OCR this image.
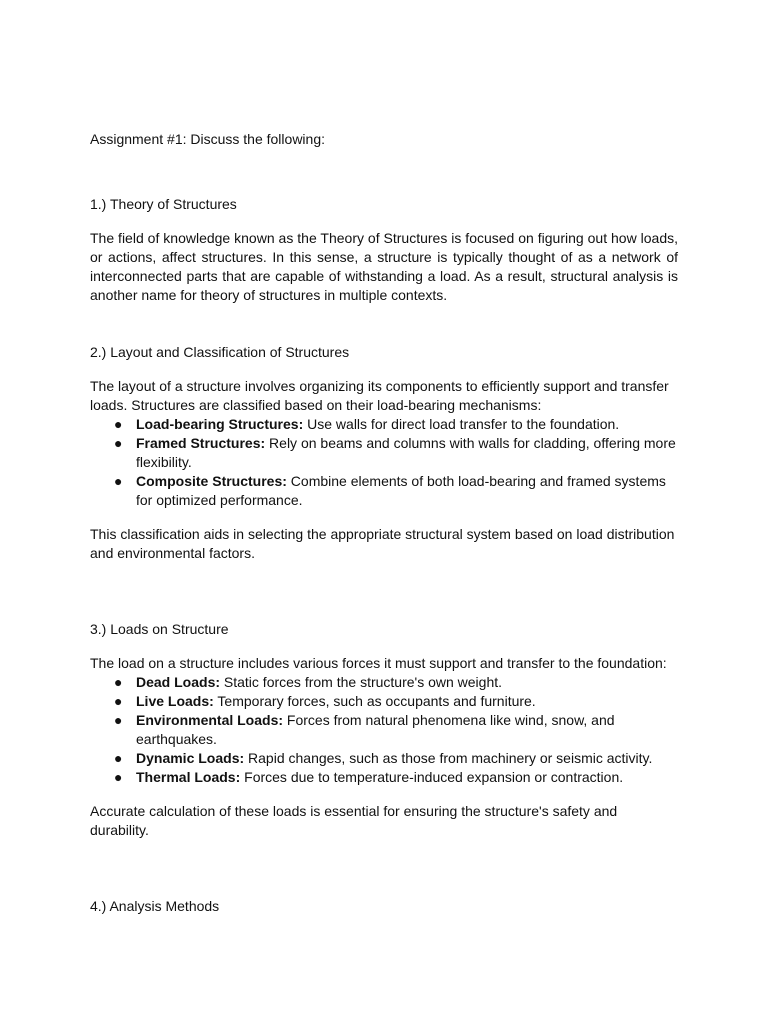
Assignment #1: Discuss the following:

1.) Theory of Structures

The field of knowledge known as the Theory of Structures is focused on figuring out how loads, or actions, affect structures. In this sense, a structure is typically thought of as a network of interconnected parts that are capable of withstanding a load. As a result, structural analysis is another name for theory of structures in multiple contexts.

2.) Layout and Classification of Structures

The layout of a structure involves organizing its components to efficiently support and transfer loads. Structures are classified based on their load-bearing mechanisms:

● Load-bearing Structures: Use walls for direct load transfer to the foundation.
● Framed Structures: Rely on beams and columns with walls for cladding, offering more flexibility.
● Composite Structures: Combine elements of both load-bearing and framed systems for optimized performance.

This classification aids in selecting the appropriate structural system based on load distribution and environmental factors.

3.) Loads on Structure

The load on a structure includes various forces it must support and transfer to the foundation:

● Dead Loads: Static forces from the structure's own weight.
● Live Loads: Temporary forces, such as occupants and furniture.
● Environmental Loads: Forces from natural phenomena like wind, snow, and earthquakes.
● Dynamic Loads: Rapid changes, such as those from machinery or seismic activity.
● Thermal Loads: Forces due to temperature-induced expansion or contraction.

Accurate calculation of these loads is essential for ensuring the structure's safety and durability.

4.) Analysis Methods
